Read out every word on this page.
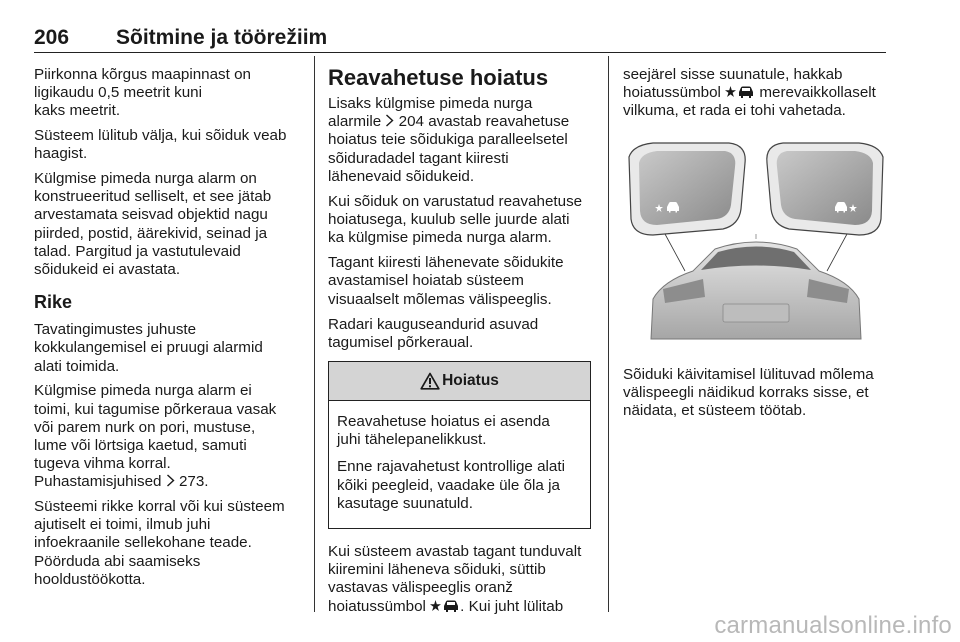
206 Sõitmine ja töörežiim

Piirkonna kõrgus maapinnast on
ligikaudu 0,5 meetrit kuni
kaks meetrit.

Süsteem lülitub välja, kui sõiduk veab
haagist.

Külgmise pimeda nurga alarm on
konstrueeritud selliselt, et see jätab
arvestamata seisvad objektid nagu
piirded, postid, äärekivid, seinad ja
talad. Pargitud ja vastutulevaid
sõidukeid ei avastata.

Rike

Tavatingimustes juhuste
kokkulangemisel ei pruugi alarmid
alati toimida.

Külgmise pimeda nurga alarm ei
toimi, kui tagumise põrkeraua vasak
või parem nurk on pori, mustuse,
lume või lörtsiga kaetud, samuti
tugeva vihma korral.
Puhastamisjuhised 273.

Süsteemi rikke korral või kui süsteem
ajutiselt ei toimi, ilmub juhi
infoekraanile sellekohane teade.
Pöörduda abi saamiseks
hooldustöökotta.

Reavahetuse hoiatus

Lisaks külgmise pimeda nurga
alarmile 204 avastab reavahetuse
hoiatus teie sõidukiga paralleelsetel
sõiduradadel tagant kiiresti
lähenevaid sõidukeid.

Kui sõiduk on varustatud reavahetuse
hoiatusega, kuulub selle juurde alati
ka külgmise pimeda nurga alarm.

Tagant kiiresti lähenevate sõidukite
avastamisel hoiatab süsteem
visuaalselt mõlemas välispeeglis.

Radari kauguseandurid asuvad
tagumisel põrkeraual.

Hoiatus

Reavahetuse hoiatus ei asenda
juhi tähelepanelikkust.

Enne rajavahetust kontrollige alati
kõiki peegleid, vaadake üle õla ja
kasutage suunatuld.

Kui süsteem avastab tagant tunduvalt
kiiremini läheneva sõiduki, süttib
vastavas välispeeglis oranž
hoiatussümbol . Kui juht lülitab

seejärel sisse suunatule, hakkab
hoiatussümbol	merevaikkollaselt
vilkuma, et rada ei tohi vahetada.

Sõiduki käivitamisel lülituvad mõlema
välispeegli näidikud korraks sisse, et
näidata, et süsteem töötab.

carmanualsonline.info
